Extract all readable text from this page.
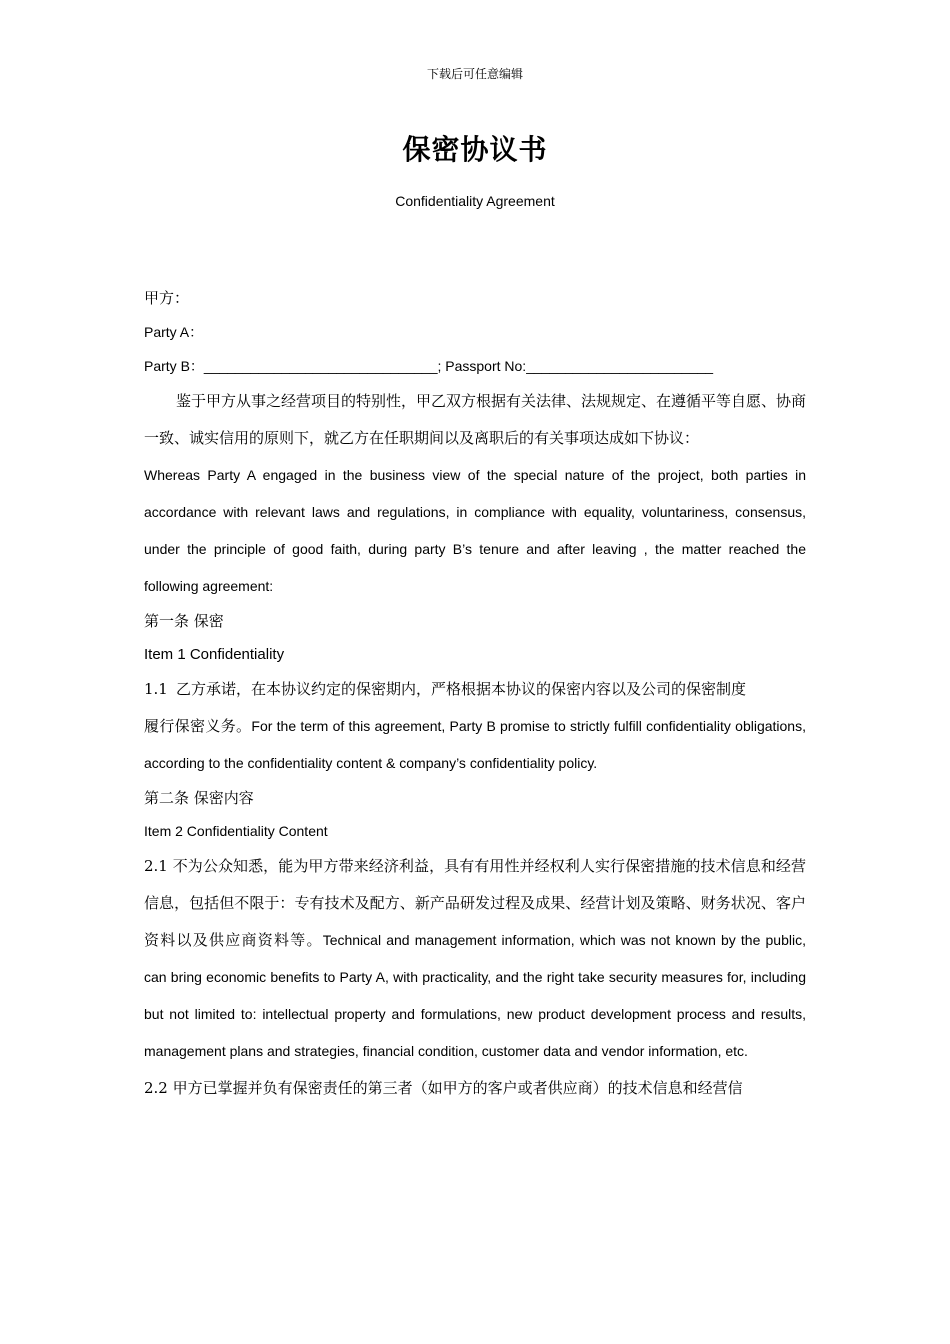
下载后可任意编辑
保密协议书
Confidentiality Agreement

甲方：

Party A：

Party B：______________________________; Passport No:________________________

鉴于甲方从事之经营项目的特别性，甲乙双方根据有关法律、法规规定、在遵循平等自愿、协商一致、诚实信用的原则下，就乙方在任职期间以及离职后的有关事项达成如下协议：

Whereas Party A engaged in the business view of the special nature of the project, both parties in accordance with relevant laws and regulations, in compliance with equality, voluntariness, consensus, under the principle of good faith, during party B’s tenure and after leaving , the matter reached the following agreement:

第一条 保密

Item 1 Confidentiality

1.1 乙方承诺，在本协议约定的保密期内，严格根据本协议的保密内容以及公司的保密制度

履行保密义务。For the term of this agreement, Party B promise to strictly fulfill confidentiality obligations, according to the confidentiality content & company’s confidentiality policy.

第二条 保密内容

Item 2 Confidentiality Content

2.1 不为公众知悉，能为甲方带来经济利益，具有有用性并经权利人实行保密措施的技术信息和经营信息，包括但不限于：专有技术及配方、新产品研发过程及成果、经营计划及策略、财务状况、客户资料以及供应商资料等。Technical and management information, which was not known by the public, can bring economic benefits to Party A, with practicality, and the right take security measures for, including but not limited to: intellectual property and formulations, new product development process and results, management plans and strategies, financial condition, customer data and vendor information, etc.

2.2 甲方已掌握并负有保密责任的第三者（如甲方的客户或者供应商）的技术信息和经营信
